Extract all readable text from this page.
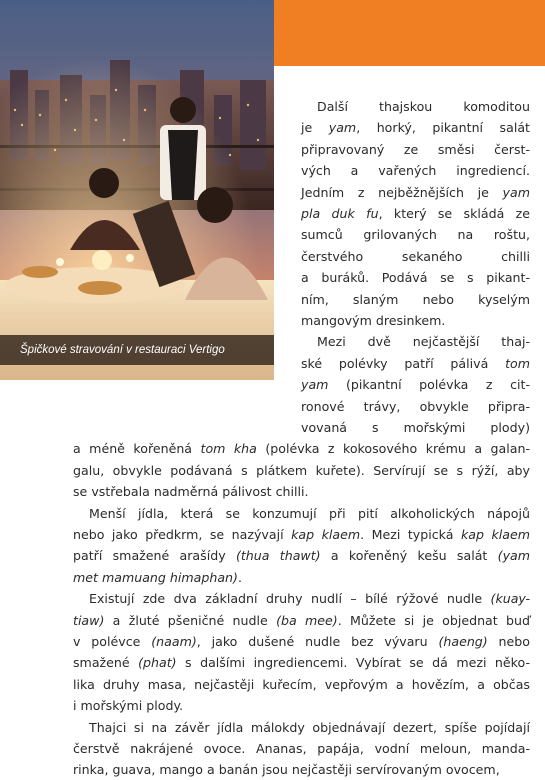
Špičkové stravování v restauraci Vertigo
Další thajskou komoditou
je yam, horký, pikantní salát
připravovaný ze směsi čerst-
vých a vařených ingrediencí.
Jedním z nejběžnějších je yam
pla duk fu, který se skládá ze
sumců grilovaných na roštu,
čerstvého sekaného chilli
a buráků. Podává se s pikant-
ním, slaným nebo kyselým
mangovým dresinkem.
Mezi dvě nejčastější thaj-
ské polévky patří pálivá tom
yam (pikantní polévka z cit-
ronové trávy, obvykle připra-
vovaná s mořskými plody)
a méně kořeněná tom kha (polévka z kokosového krému a galan-
galu, obvykle podávaná s plátkem kuřete). Servírují se s rýží, aby
se vstřebala nadměrná pálivost chilli.
Menší jídla, která se konzumují při pití alkoholických nápojů
nebo jako předkrm, se nazývají kap klaem. Mezi typická kap klaem
patří smažené arašídy (thua thawt) a kořeněný kešu salát (yam
met mamuang himaphan).
Existují zde dva základní druhy nudlí – bílé rýžové nudle (kuay-
tiaw) a žluté pšeničné nudle (ba mee). Můžete si je objednat buď
v polévce (naam), jako dušené nudle bez vývaru (haeng) nebo
smažené (phat) s dalšími ingrediencemi. Vybírat se dá mezi něko-
lika druhy masa, nejčastěji kuřecím, vepřovým a hovězím, a občas
i mořskými plody.
Thajci si na závěr jídla málokdy objednávají dezert, spíše pojídají
čerstvě nakrájené ovoce. Ananas, papája, vodní meloun, manda-
rinka, guava, mango a banán jsou nejčastěji servírovaným ovocem,
